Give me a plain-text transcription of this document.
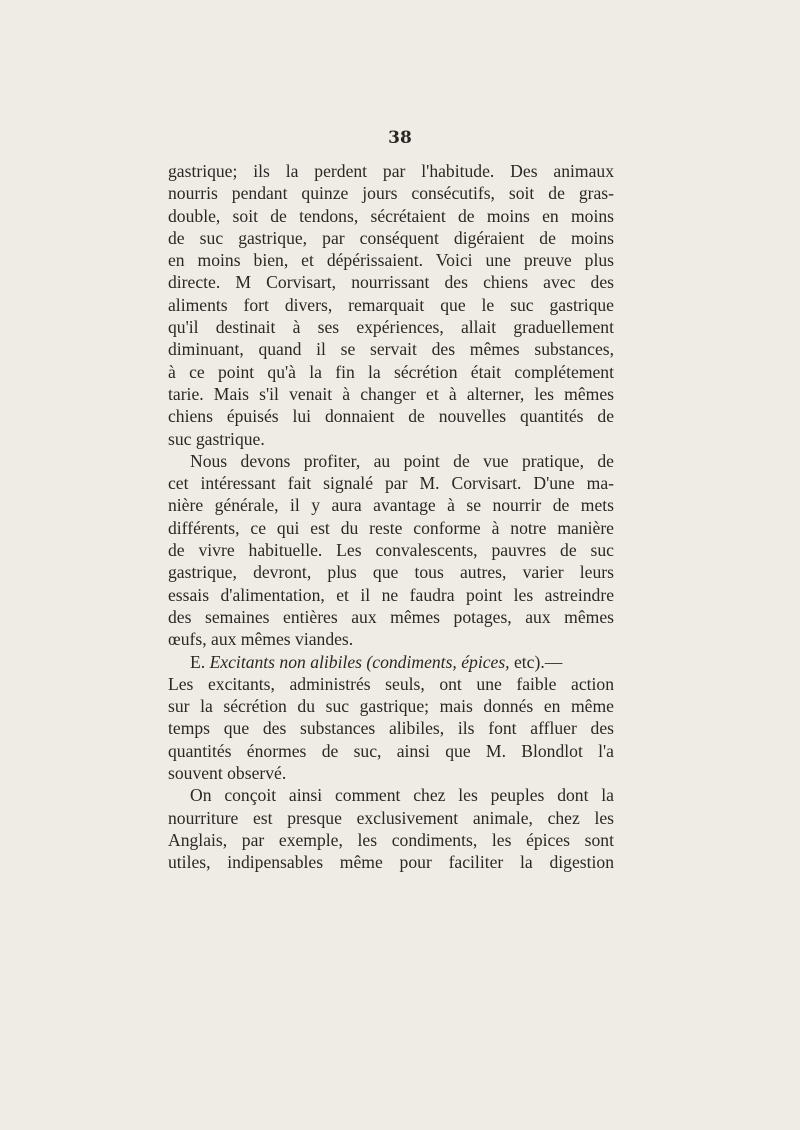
38
gastrique; ils la perdent par l'habitude. Des animaux
nourris pendant quinze jours consécutifs, soit de gras-
double, soit de tendons, sécrétaient de moins en moins
de suc gastrique, par conséquent digéraient de moins
en moins bien, et dépérissaient. Voici une preuve plus
directe. M Corvisart, nourrissant des chiens avec des
aliments fort divers, remarquait que le suc gastrique
qu'il destinait à ses expériences, allait graduellement
diminuant, quand il se servait des mêmes substances,
à ce point qu'à la fin la sécrétion était complétement
tarie. Mais s'il venait à changer et à alterner, les mêmes
chiens épuisés lui donnaient de nouvelles quantités de
suc gastrique.
Nous devons profiter, au point de vue pratique, de
cet intéressant fait signalé par M. Corvisart. D'une ma-
nière générale, il y aura avantage à se nourrir de mets
différents, ce qui est du reste conforme à notre manière
de vivre habituelle. Les convalescents, pauvres de suc
gastrique, devront, plus que tous autres, varier leurs
essais d'alimentation, et il ne faudra point les astreindre
des semaines entières aux mêmes potages, aux mêmes
œufs, aux mêmes viandes.
E. Excitants non alibiles (condiments, épices, etc).—
Les excitants, administrés seuls, ont une faible action
sur la sécrétion du suc gastrique; mais donnés en même
temps que des substances alibiles, ils font affluer des
quantités énormes de suc, ainsi que M. Blondlot l'a
souvent observé.
On conçoit ainsi comment chez les peuples dont la
nourriture est presque exclusivement animale, chez les
Anglais, par exemple, les condiments, les épices sont
utiles, indipensables même pour faciliter la digestion
